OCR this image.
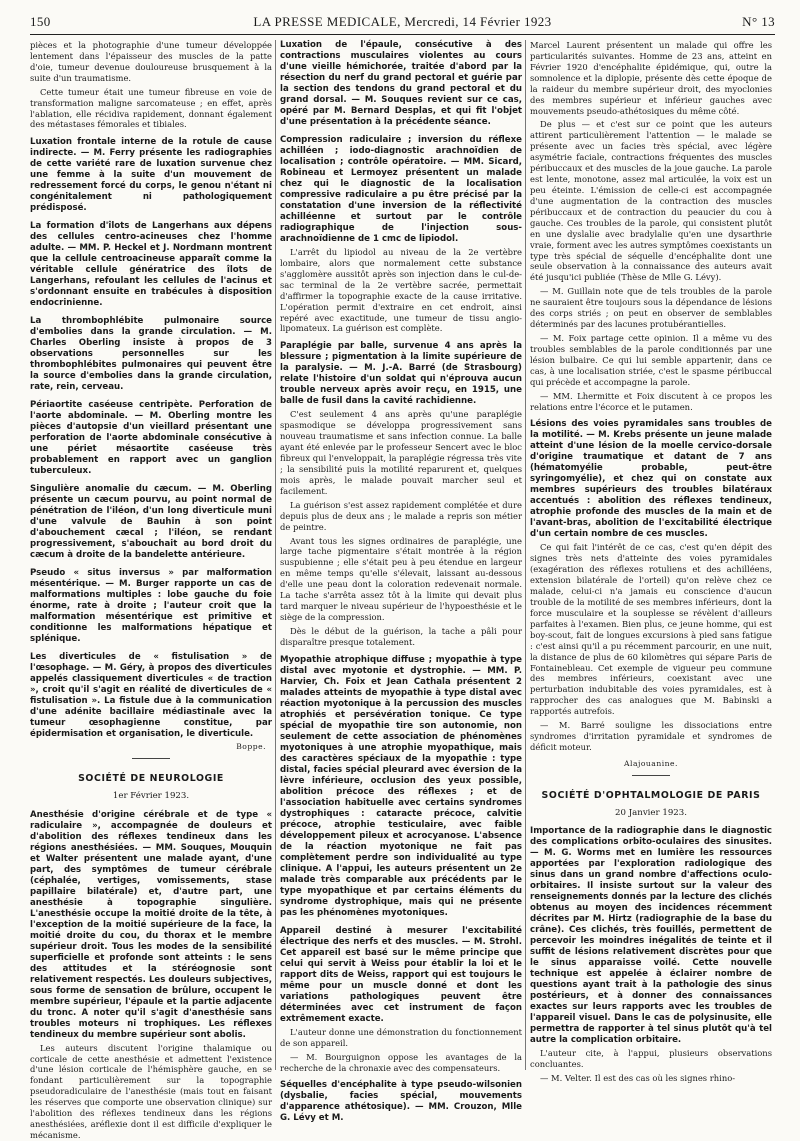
150	LA PRESSE MEDICALE, Mercredi, 14 Février 1923	N° 13

pièces et la photographie d'une tumeur développée lentement dans l'épaisseur des muscles de la patte d'oie, tumeur devenue douloureuse brusquement à la suite d'un traumatisme.

Cette tumeur était une tumeur fibreuse en voie de transformation maligne sarcomateuse ; en effet, après l'ablation, elle récidiva rapidement, donnant également des métastases fémorales et tibiales.

Luxation frontale interne de la rotule de cause indirecte. — M. Ferry présente les radiographies de cette variété rare de luxation survenue chez une femme à la suite d'un mouvement de redressement forcé du corps, le genou n'étant ni congénitalement ni pathologiquement prédisposé.
La formation d'îlots de Langerhans aux dépens des cellules centro-acineuses chez l'homme adulte. — MM. P. Heckel et J. Nordmann montrent que la cellule centroacineuse apparaît comme la véritable cellule génératrice des îlots de Langerhans, refoulant les cellules de l'acinus et s'ordonnant ensuite en trabécules à disposition endocrinienne.
La thrombophlébite pulmonaire source d'embolies dans la grande circulation. — M. Charles Oberling insiste à propos de 3 observations personnelles sur les thrombophlébites pulmonaires qui peuvent être la source d'embolies dans la grande circulation, rate, rein, cerveau.
Périaortite caséeuse centripète. Perforation de l'aorte abdominale. — M. Oberling montre les pièces d'autopsie d'un vieillard présentant une perforation de l'aorte abdominale consécutive à une périet mésaortite caséeuse très probablement en rapport avec un ganglion tuberculeux.
Singulière anomalie du cæcum. — M. Oberling présente un cæcum pourvu, au point normal de pénétration de l'iléon, d'un long diverticule muni d'une valvule de Bauhin à son point d'abouchement cæcal ; l'iléon, se rendant progressivement, s'abouchait au bord droit du cæcum à droite de la bandelette antérieure.
Pseudo « situs inversus » par malformation mésentérique. — M. Burger rapporte un cas de malformations multiples : lobe gauche du foie énorme, rate à droite ; l'auteur croit que la malformation mésentérique est primitive et conditionne les malformations hépatique et splénique.
Les diverticules de « fistulisation » de l'œsophage. — M. Géry, à propos des diverticules appelés classiquement diverticules « de traction », croit qu'il s'agit en réalité de diverticules de « fistulisation ». La fistule due à la communication d'une adénite bacillaire médiastinale avec la tumeur œsophagienne constitue, par épidermisation et organisation, le diverticule.
Boppe.
SOCIÉTÉ DE NEUROLOGIE
1er Février 1923.
Anesthésie d'origine cérébrale et de type « radiculaire », accompagnée de douleurs et d'abolition des réflexes tendineux dans les régions anesthésiées. — MM. Souques, Mouquin et Walter présentent une malade ayant, d'une part, des symptômes de tumeur cérébrale (céphalée, vertiges, vomissements, stase papillaire bilatérale) et, d'autre part, une anesthésie à topographie singulière. L'anesthésie occupe la moitié droite de la tête, à l'exception de la moitié supérieure de la face, la moitié droite du cou, du thorax et le membre supérieur droit. Tous les modes de la sensibilité superficielle et profonde sont atteints : le sens des attitudes et la stéréognosie sont relativement respectés. Les douleurs subjectives, sous forme de sensation de brûlure, occupent le membre supérieur, l'épaule et la partie adjacente du tronc. A noter qu'il s'agit d'anesthésie sans troubles moteurs ni trophiques. Les réflexes tendineux du membre supérieur sont abolis.

Les auteurs discutent l'origine thalamique ou corticale de cette anesthésie et admettent l'existence d'une lésion corticale de l'hémisphère gauche, en se fondant particulièrement sur la topographie pseudoradiculaire de l'anesthésie (mais tout en faisant les réserves que comporte une observation clinique) sur l'abolition des réflexes tendineux dans les régions anesthésiées, aréflexie dont il est difficile d'expliquer le mécanisme.

Luxation de l'épaule, consécutive à des contractions musculaires violentes au cours d'une vieille hémichorée, traitée d'abord par la résection du nerf du grand pectoral et guérie par la section des tendons du grand pectoral et du grand dorsal. — M. Souques revient sur ce cas, opéré par M. Bernard Desplas, et qui fit l'objet d'une présentation à la précédente séance.
Compression radiculaire ; inversion du réflexe achilléen ; iodo-diagnostic arachnoïdien de localisation ; contrôle opératoire. — MM. Sicard, Robineau et Lermoyez présentent un malade chez qui le diagnostic de la localisation compressive radiculaire a pu être précisé par la constatation d'une inversion de la réflectivité achilléenne et surtout par le contrôle radiographique de l'injection sous-arachnoïdienne de 1 cmc de lipiodol.

L'arrêt du lipiodol au niveau de la 2e vertèbre lombaire, alors que normalement cette substance s'agglomère aussitôt après son injection dans le cul-de-sac terminal de la 2e vertèbre sacrée, permettait d'affirmer la topographie exacte de la cause irritative. L'opération permit d'extraire en cet endroit, ainsi repéré avec exactitude, une tumeur de tissu angio-lipomateux. La guérison est complète.

Paraplégie par balle, survenue 4 ans après la blessure ; pigmentation à la limite supérieure de la paralysie. — M. J.-A. Barré (de Strasbourg) relate l'histoire d'un soldat qui n'éprouva aucun trouble nerveux après avoir reçu, en 1915, une balle de fusil dans la cavité rachidienne.

C'est seulement 4 ans après qu'une paraplégie spasmodique se développa progressivement sans nouveau traumatisme et sans infection connue. La balle ayant été enlevée par le professeur Sencert avec le bloc fibreux qui l'enveloppait, la paraplégie régressa très vite ; la sensibilité puis la motilité reparurent et, quelques mois après, le malade pouvait marcher seul et facilement.

La guérison s'est assez rapidement complétée et dure depuis plus de deux ans ; le malade a repris son métier de peintre.

Avant tous les signes ordinaires de paraplégie, une large tache pigmentaire s'était montrée à la région suspubienne ; elle s'était peu à peu étendue en largeur en même temps qu'elle s'élevait, laissant au-dessous d'elle une peau dont la coloration redevenait normale. La tache s'arrêta assez tôt à la limite qui devait plus tard marquer le niveau supérieur de l'hypoesthésie et le siège de la compression.

Dès le début de la guérison, la tache a pâli pour disparaître presque totalement.

Myopathie atrophique diffuse ; myopathie à type distal avec myotonie et dystrophie. — MM. P. Harvier, Ch. Foix et Jean Cathala présentent 2 malades atteints de myopathie à type distal avec réaction myotonique à la percussion des muscles atrophiés et persévération tonique. Ce type spécial de myopathie tire son autonomie, non seulement de cette association de phénomènes myotoniques à une atrophie myopathique, mais des caractères spéciaux de la myopathie : type distal, facies spécial pleurard avec éversion de la lèvre inférieure, occlusion des yeux possible, abolition précoce des réflexes ; et de l'association habituelle avec certains syndromes dystrophiques : cataracte précoce, calvitie précoce, atrophie testiculaire, avec faible développement pileux et acrocyanose. L'absence de la réaction myotonique ne fait pas complètement perdre son individualité au type clinique. A l'appui, les auteurs présentent un 2e malade très comparable aux précédents par le type myopathique et par certains éléments du syndrome dystrophique, mais qui ne présente pas les phénomènes myotoniques.
Appareil destiné à mesurer l'excitabilité électrique des nerfs et des muscles. — M. Strohl. Cet appareil est basé sur le même principe que celui qui servit à Weiss pour établir la loi et le rapport dits de Weiss, rapport qui est toujours le même pour un muscle donné et dont les variations pathologiques peuvent être déterminées avec cet instrument de façon extrêmement exacte.

L'auteur donne une démonstration du fonctionnement de son appareil.

— M. Bourguignon oppose les avantages de la recherche de la chronaxie avec des compensateurs.

Séquelles d'encéphalite à type pseudo-wilsonien (dysbalie, facies spécial, mouvements d'apparence athétosique). — MM. Crouzon, Mlle G. Lévy et M.

Marcel Laurent présentent un malade qui offre les particularités suivantes. Homme de 23 ans, atteint en Février 1920 d'encéphalite épidémique, qui, outre la somnolence et la diplopie, présente dès cette époque de la raideur du membre supérieur droit, des myoclonies des membres supérieur et inférieur gauches avec mouvements pseudo-athétosiques du même côté.

De plus — et c'est sur ce point que les auteurs attirent particulièrement l'attention — le malade se présente avec un facies très spécial, avec légère asymétrie faciale, contractions fréquentes des muscles péribuccaux et des muscles de la joue gauche. La parole est lente, monotone, assez mal articulée, la voix est un peu éteinte. L'émission de celle-ci est accompagnée d'une augmentation de la contraction des muscles péribuccaux et de contraction du peaucier du cou à gauche. Ces troubles de la parole, qui consistent plutôt en une dyslalie avec bradylalie qu'en une dysarthrie vraie, forment avec les autres symptômes coexistants un type très spécial de séquelle d'encéphalite dont une seule observation à la connaissance des auteurs avait été jusqu'ici publiée (Thèse de Mlle G. Lévy).

— M. Guillain note que de tels troubles de la parole ne sauraient être toujours sous la dépendance de lésions des corps striés ; on peut en observer de semblables déterminés par des lacunes protubérantielles.

— M. Foix partage cette opinion. Il a même vu des troubles semblables de la parole conditionnés par une lésion bulbaire. Ce qui lui semble appartenir, dans ce cas, à une localisation striée, c'est le spasme péribuccal qui précède et accompagne la parole.

— MM. Lhermitte et Foix discutent à ce propos les relations entre l'écorce et le putamen.

Lésions des voies pyramidales sans troubles de la motilité. — M. Krebs présente un jeune malade atteint d'une lésion de la moelle cervico-dorsale d'origine traumatique et datant de 7 ans (hématomyélie probable, peut-être syringomyélie), et chez qui on constate aux membres supérieurs des troubles bilatéraux accentués : abolition des réflexes tendineux, atrophie profonde des muscles de la main et de l'avant-bras, abolition de l'excitabilité électrique d'un certain nombre de ces muscles.

Ce qui fait l'intérêt de ce cas, c'est qu'en dépit des signes très nets d'atteinte des voies pyramidales (exagération des réflexes rotuliens et des achilléens, extension bilatérale de l'orteil) qu'on relève chez ce malade, celui-ci n'a jamais eu conscience d'aucun trouble de la motilité de ses membres inférieurs, dont la force musculaire et la souplesse se révèlent d'ailleurs parfaites à l'examen. Bien plus, ce jeune homme, qui est boy-scout, fait de longues excursions à pied sans fatigue : c'est ainsi qu'il a pu récemment parcourir, en une nuit, la distance de plus de 60 kilomètres qui sépare Paris de Fontainebleau. Cet exemple de vigueur peu commune des membres inférieurs, coexistant avec une perturbation indubitable des voies pyramidales, est à rapprocher des cas analogues que M. Babinski a rapportés autrefois.

— M. Barré souligne les dissociations entre syndromes d'irritation pyramidale et syndromes de déficit moteur.

Alajouanine.
SOCIÉTÉ D'OPHTALMOLOGIE DE PARIS
20 Janvier 1923.
Importance de la radiographie dans le diagnostic des complications orbito-oculaires des sinusites. — M. G. Worms met en lumière les ressources apportées par l'exploration radiologique des sinus dans un grand nombre d'affections oculo-orbitaires. Il insiste surtout sur la valeur des renseignements donnés par la lecture des clichés obtenus au moyen des incidences récemment décrites par M. Hirtz (radiographie de la base du crâne). Ces clichés, très fouillés, permettent de percevoir les moindres inégalités de teinte et il suffit de lésions relativement discrètes pour que le sinus apparaisse voilé. Cette nouvelle technique est appelée à éclairer nombre de questions ayant trait à la pathologie des sinus postérieurs, et à donner des connaissances exactes sur leurs rapports avec les troubles de l'appareil visuel. Dans le cas de polysinusite, elle permettra de rapporter à tel sinus plutôt qu'à tel autre la complication orbitaire.

L'auteur cite, à l'appui, plusieurs observations concluantes.

— M. Velter. Il est des cas où les signes rhino-
